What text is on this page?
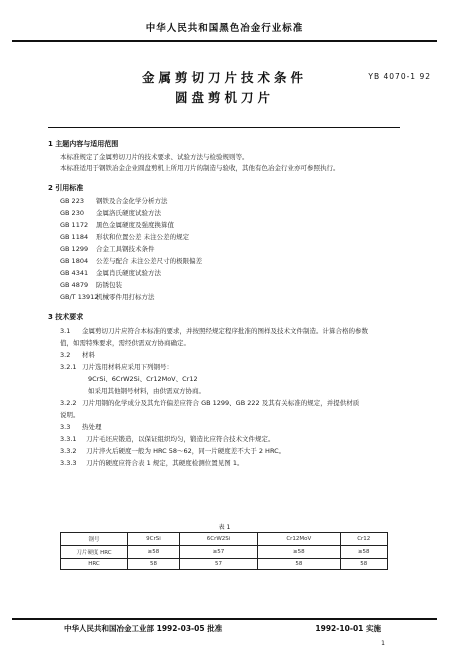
中华人民共和国黑色冶金行业标准
金属剪切刀片技术条件
圆盘剪机刀片
YB 4070-1 92
1 主题内容与适用范围
本标准规定了金属剪切刀片的技术要求、试验方法与检验规则等。
本标准适用于钢铁冶金企业圆盘剪机上所用刀片的制造与验收，其他有色冶金行业亦可参照执行。
2 引用标准
GB 223 钢铁及合金化学分析方法
GB 230 金属洛氏硬度试验方法
GB 1172 黑色金属硬度及强度换算值
GB 1184 形状和位置公差 未注公差的规定
GB 1299 合金工具钢技术条件
GB 1804 公差与配合 未注公差尺寸的极限偏差
GB 4341 金属肖氏硬度试验方法
GB 4879 防锈包装
GB/T 13912机械零件用打标方法
3 技术要求
3.1 金属剪切刀片应符合本标准的要求，并按照经规定程序批准的图样及技术文件制造。计算合格的参数
值，如需特殊要求，需经供需双方协商确定。
3.2 材料
3.2.1 刀片选用材料应采用下列钢号：
9CrSi、6CrW2Si、Cr12MoV、Cr12
如采用其他钢号材料，由供需双方协商。
3.2.2 刀片用钢的化学成分及其允许偏差应符合 GB 1299、GB 222 及其有关标准的规定，并提供材质
说明。
3.3 热处理
3.3.1 刀片毛坯应锻造，以保证组织均匀，锻造比应符合技术文件规定。
3.3.2 刀片淬火后硬度一般为 HRC 58～62，同一片硬度差不大于 2 HRC。
3.3.3 刀片的硬度应符合表 1 规定，其硬度检测位置见图 1。
表 1
钢号	9CrSi	6CrW2Si	Cr12MoV	Cr12
刀片硬度 HRC	≥58	≥57	≥58	≥58
HRC	58	57	58	58
中华人民共和国冶金工业部 1992-03-05 批准	1992-10-01 实施
1
